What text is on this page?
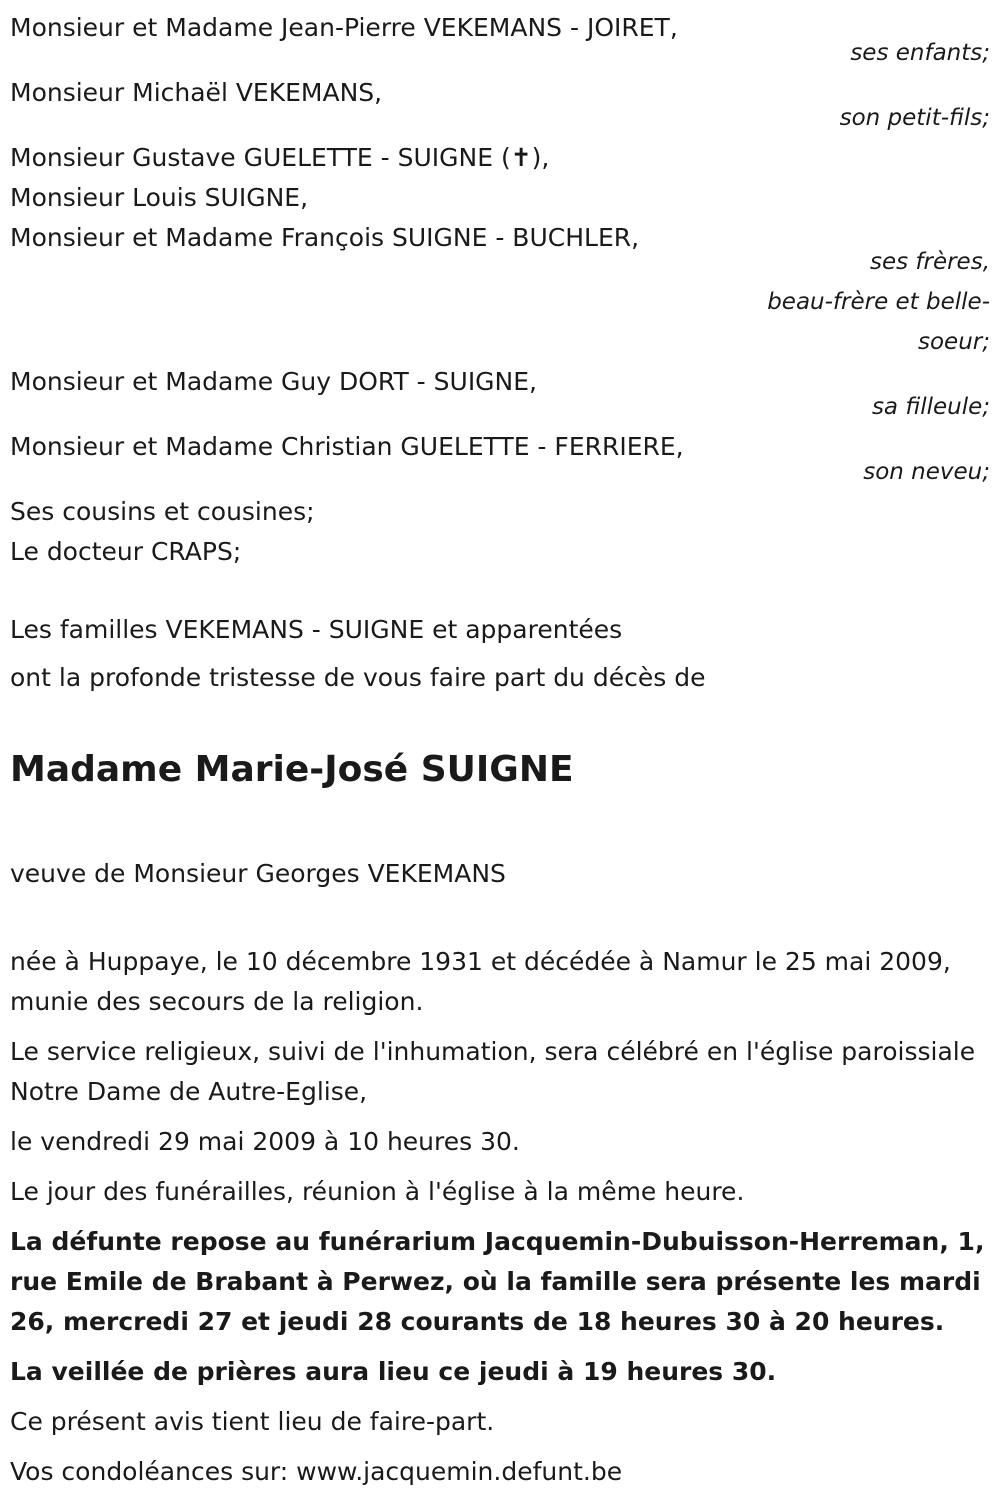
Monsieur et Madame Jean-Pierre VEKEMANS - JOIRET,
ses enfants;
Monsieur Michaël VEKEMANS,
son petit-fils;
Monsieur Gustave GUELETTE - SUIGNE (✝),
Monsieur Louis SUIGNE,
Monsieur et Madame François SUIGNE - BUCHLER,
ses frères,
beau-frère et belle-
soeur;
Monsieur et Madame Guy DORT - SUIGNE,
sa filleule;
Monsieur et Madame Christian GUELETTE - FERRIERE,
son neveu;
Ses cousins et cousines;
Le docteur CRAPS;
Les familles VEKEMANS - SUIGNE et apparentées
ont la profonde tristesse de vous faire part du décès de
Madame Marie-José SUIGNE
veuve de Monsieur Georges VEKEMANS
née à Huppaye, le 10 décembre 1931 et décédée à Namur le 25 mai 2009, munie des secours de la religion.
Le service religieux, suivi de l'inhumation, sera célébré en l'église paroissiale Notre Dame de Autre-Eglise,
le vendredi 29 mai 2009 à 10 heures 30.
Le jour des funérailles, réunion à l'église à la même heure.
La défunte repose au funérarium Jacquemin-Dubuisson-Herreman, 1, rue Emile de Brabant à Perwez, où la famille sera présente les mardi 26, mercredi 27 et jeudi 28 courants de 18 heures 30 à 20 heures.
La veillée de prières aura lieu ce jeudi à 19 heures 30.
Ce présent avis tient lieu de faire-part.
Vos condoléances sur: www.jacquemin.defunt.be
